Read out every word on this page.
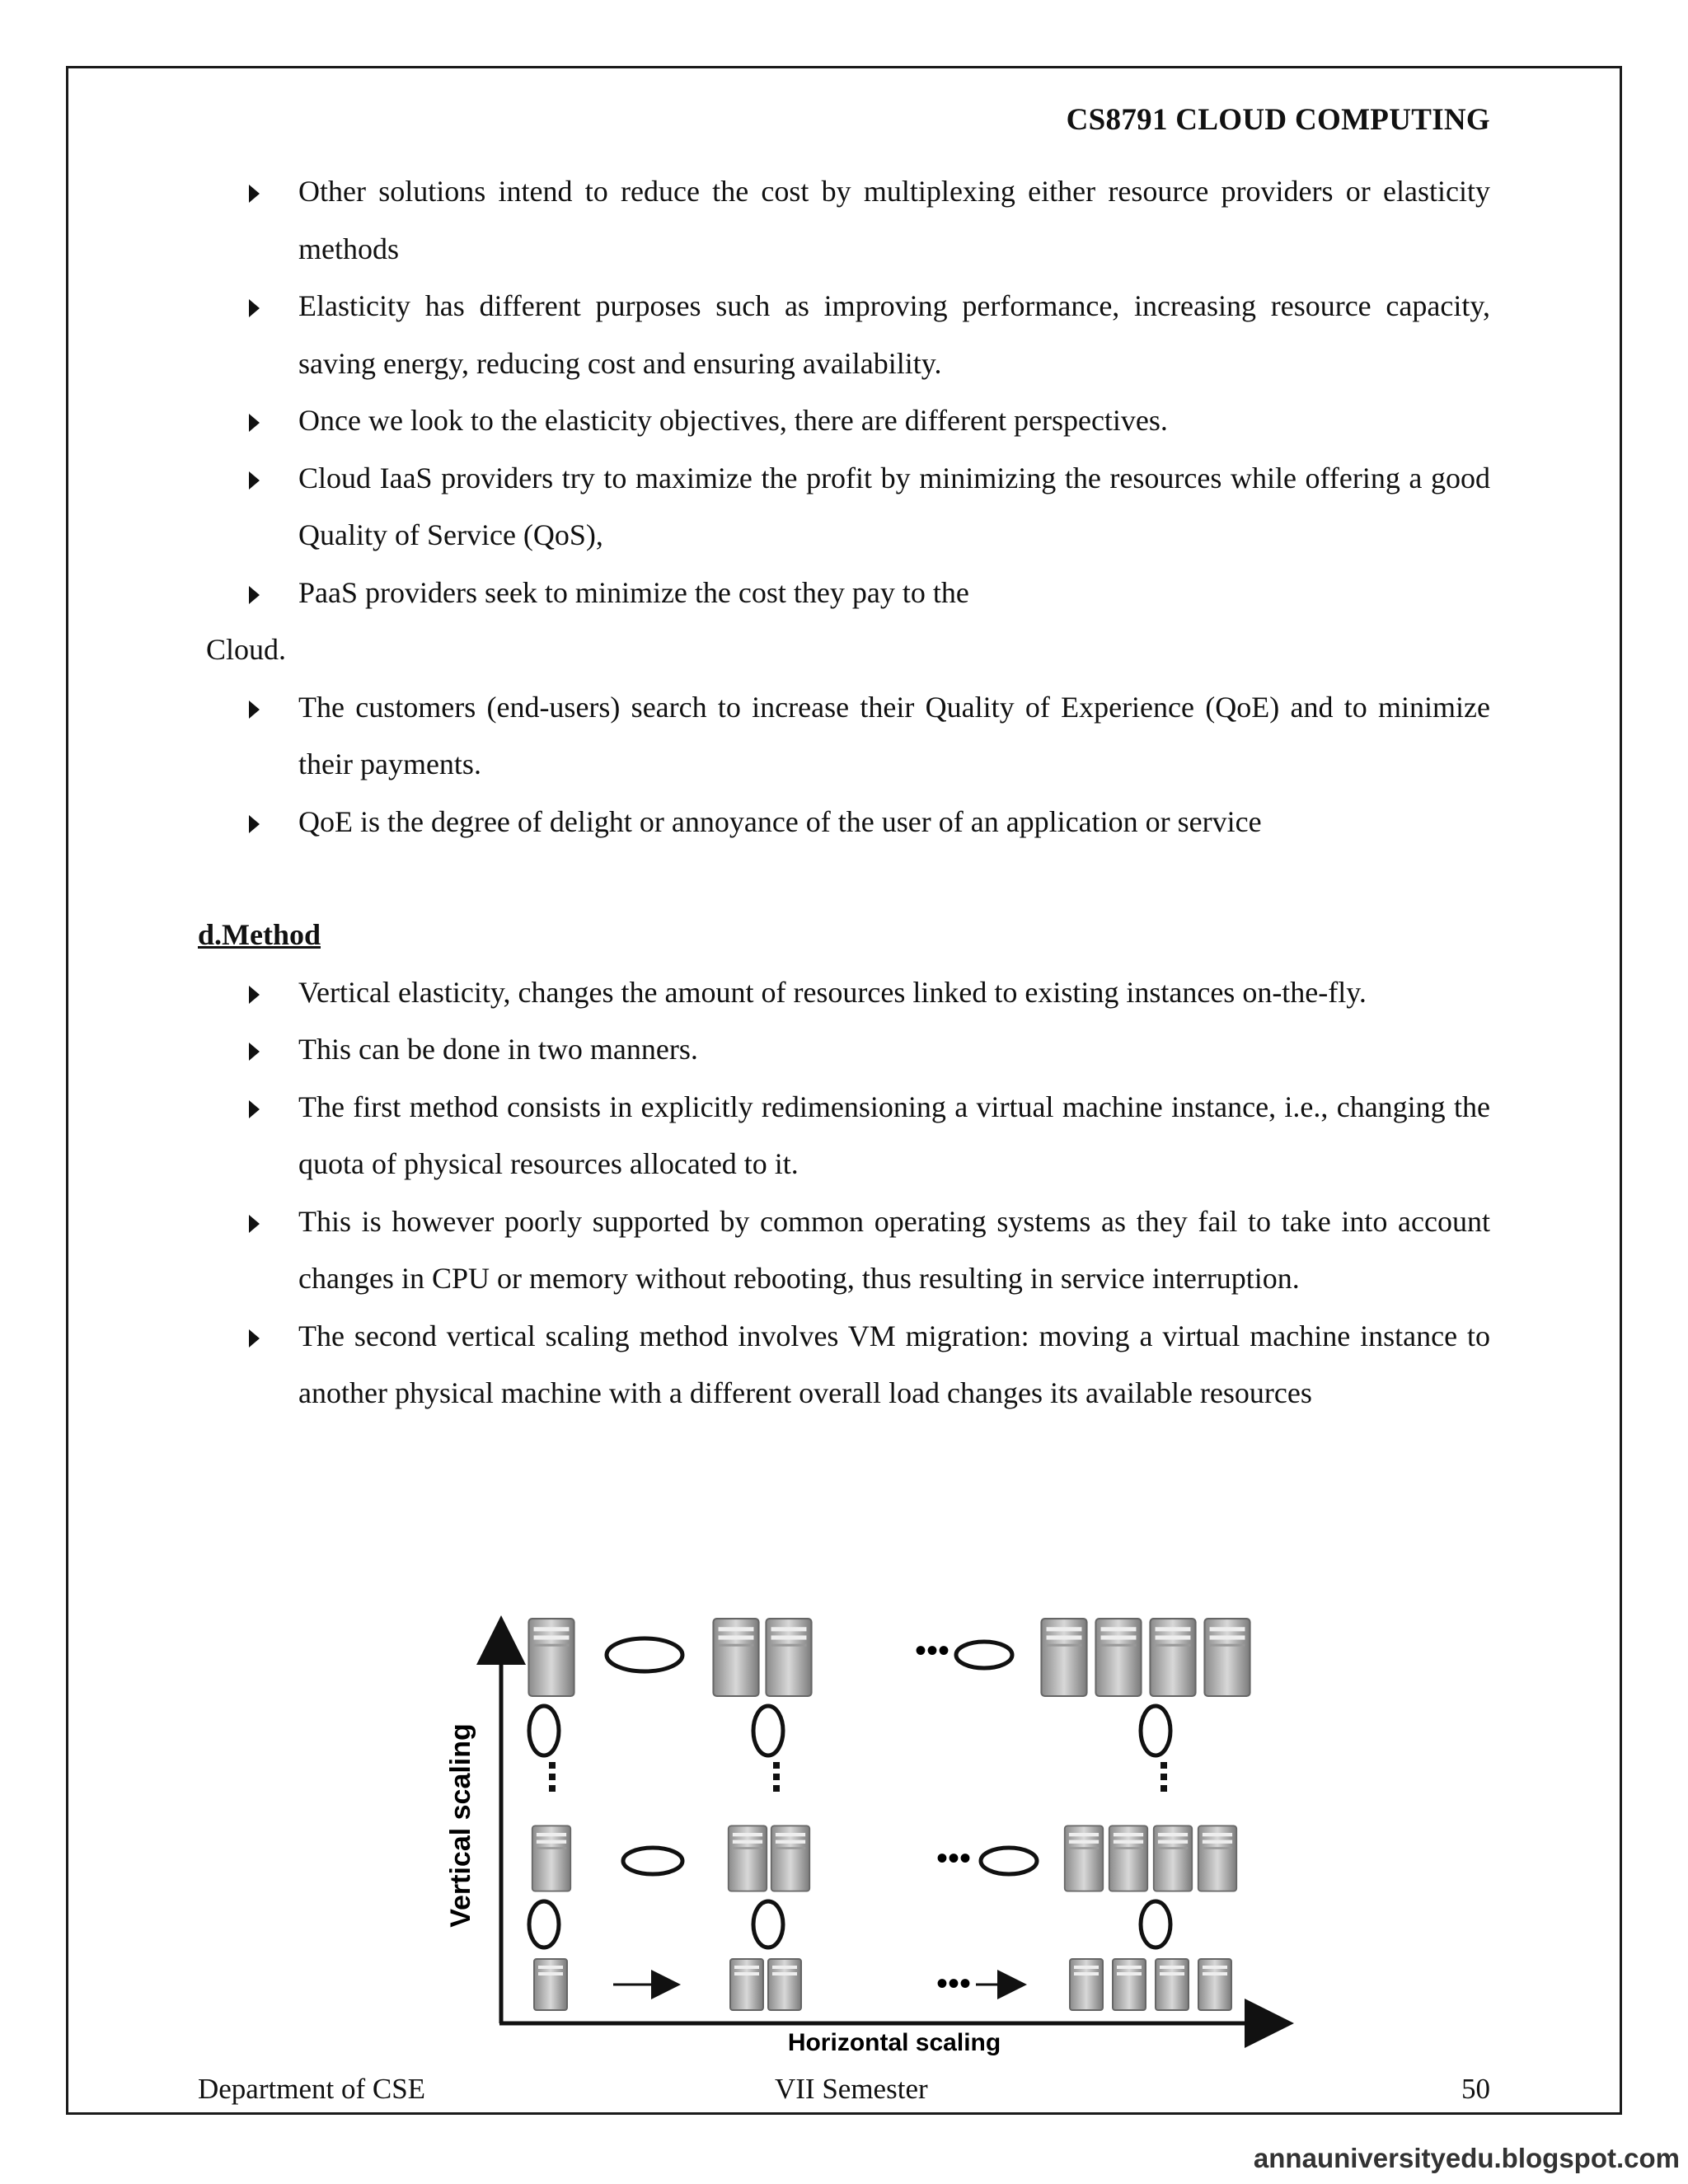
CS8791 CLOUD COMPUTING
Other solutions intend to reduce the cost by multiplexing either resource providers or elasticity methods
Elasticity has different purposes such as improving performance, increasing resource capacity, saving energy, reducing cost and ensuring availability.
Once we look to the elasticity objectives, there are different perspectives.
Cloud IaaS providers try to maximize the profit by minimizing the resources while offering a good Quality of Service (QoS),
PaaS providers seek to minimize the cost they pay to the
Cloud.
The customers (end-users) search to increase their Quality of Experience (QoE) and to minimize their payments.
QoE is the degree of delight or annoyance of the user of an application or service
d.Method
Vertical elasticity, changes the amount of resources linked to existing instances on-the-fly.
This can be done in two manners.
The first method consists in explicitly redimensioning a virtual machine instance, i.e., changing the quota of physical resources allocated to it.
This is however poorly supported by common operating systems as they fail to take into account changes in CPU or memory without rebooting, thus resulting in service interruption.
The second vertical scaling method involves VM migration: moving a virtual machine instance to another physical machine with a different overall load changes its available resources
Vertical scaling
Horizontal scaling
•••
•••
•••
Department of CSE	VII Semester	50
annauniversityedu.blogspot.com
